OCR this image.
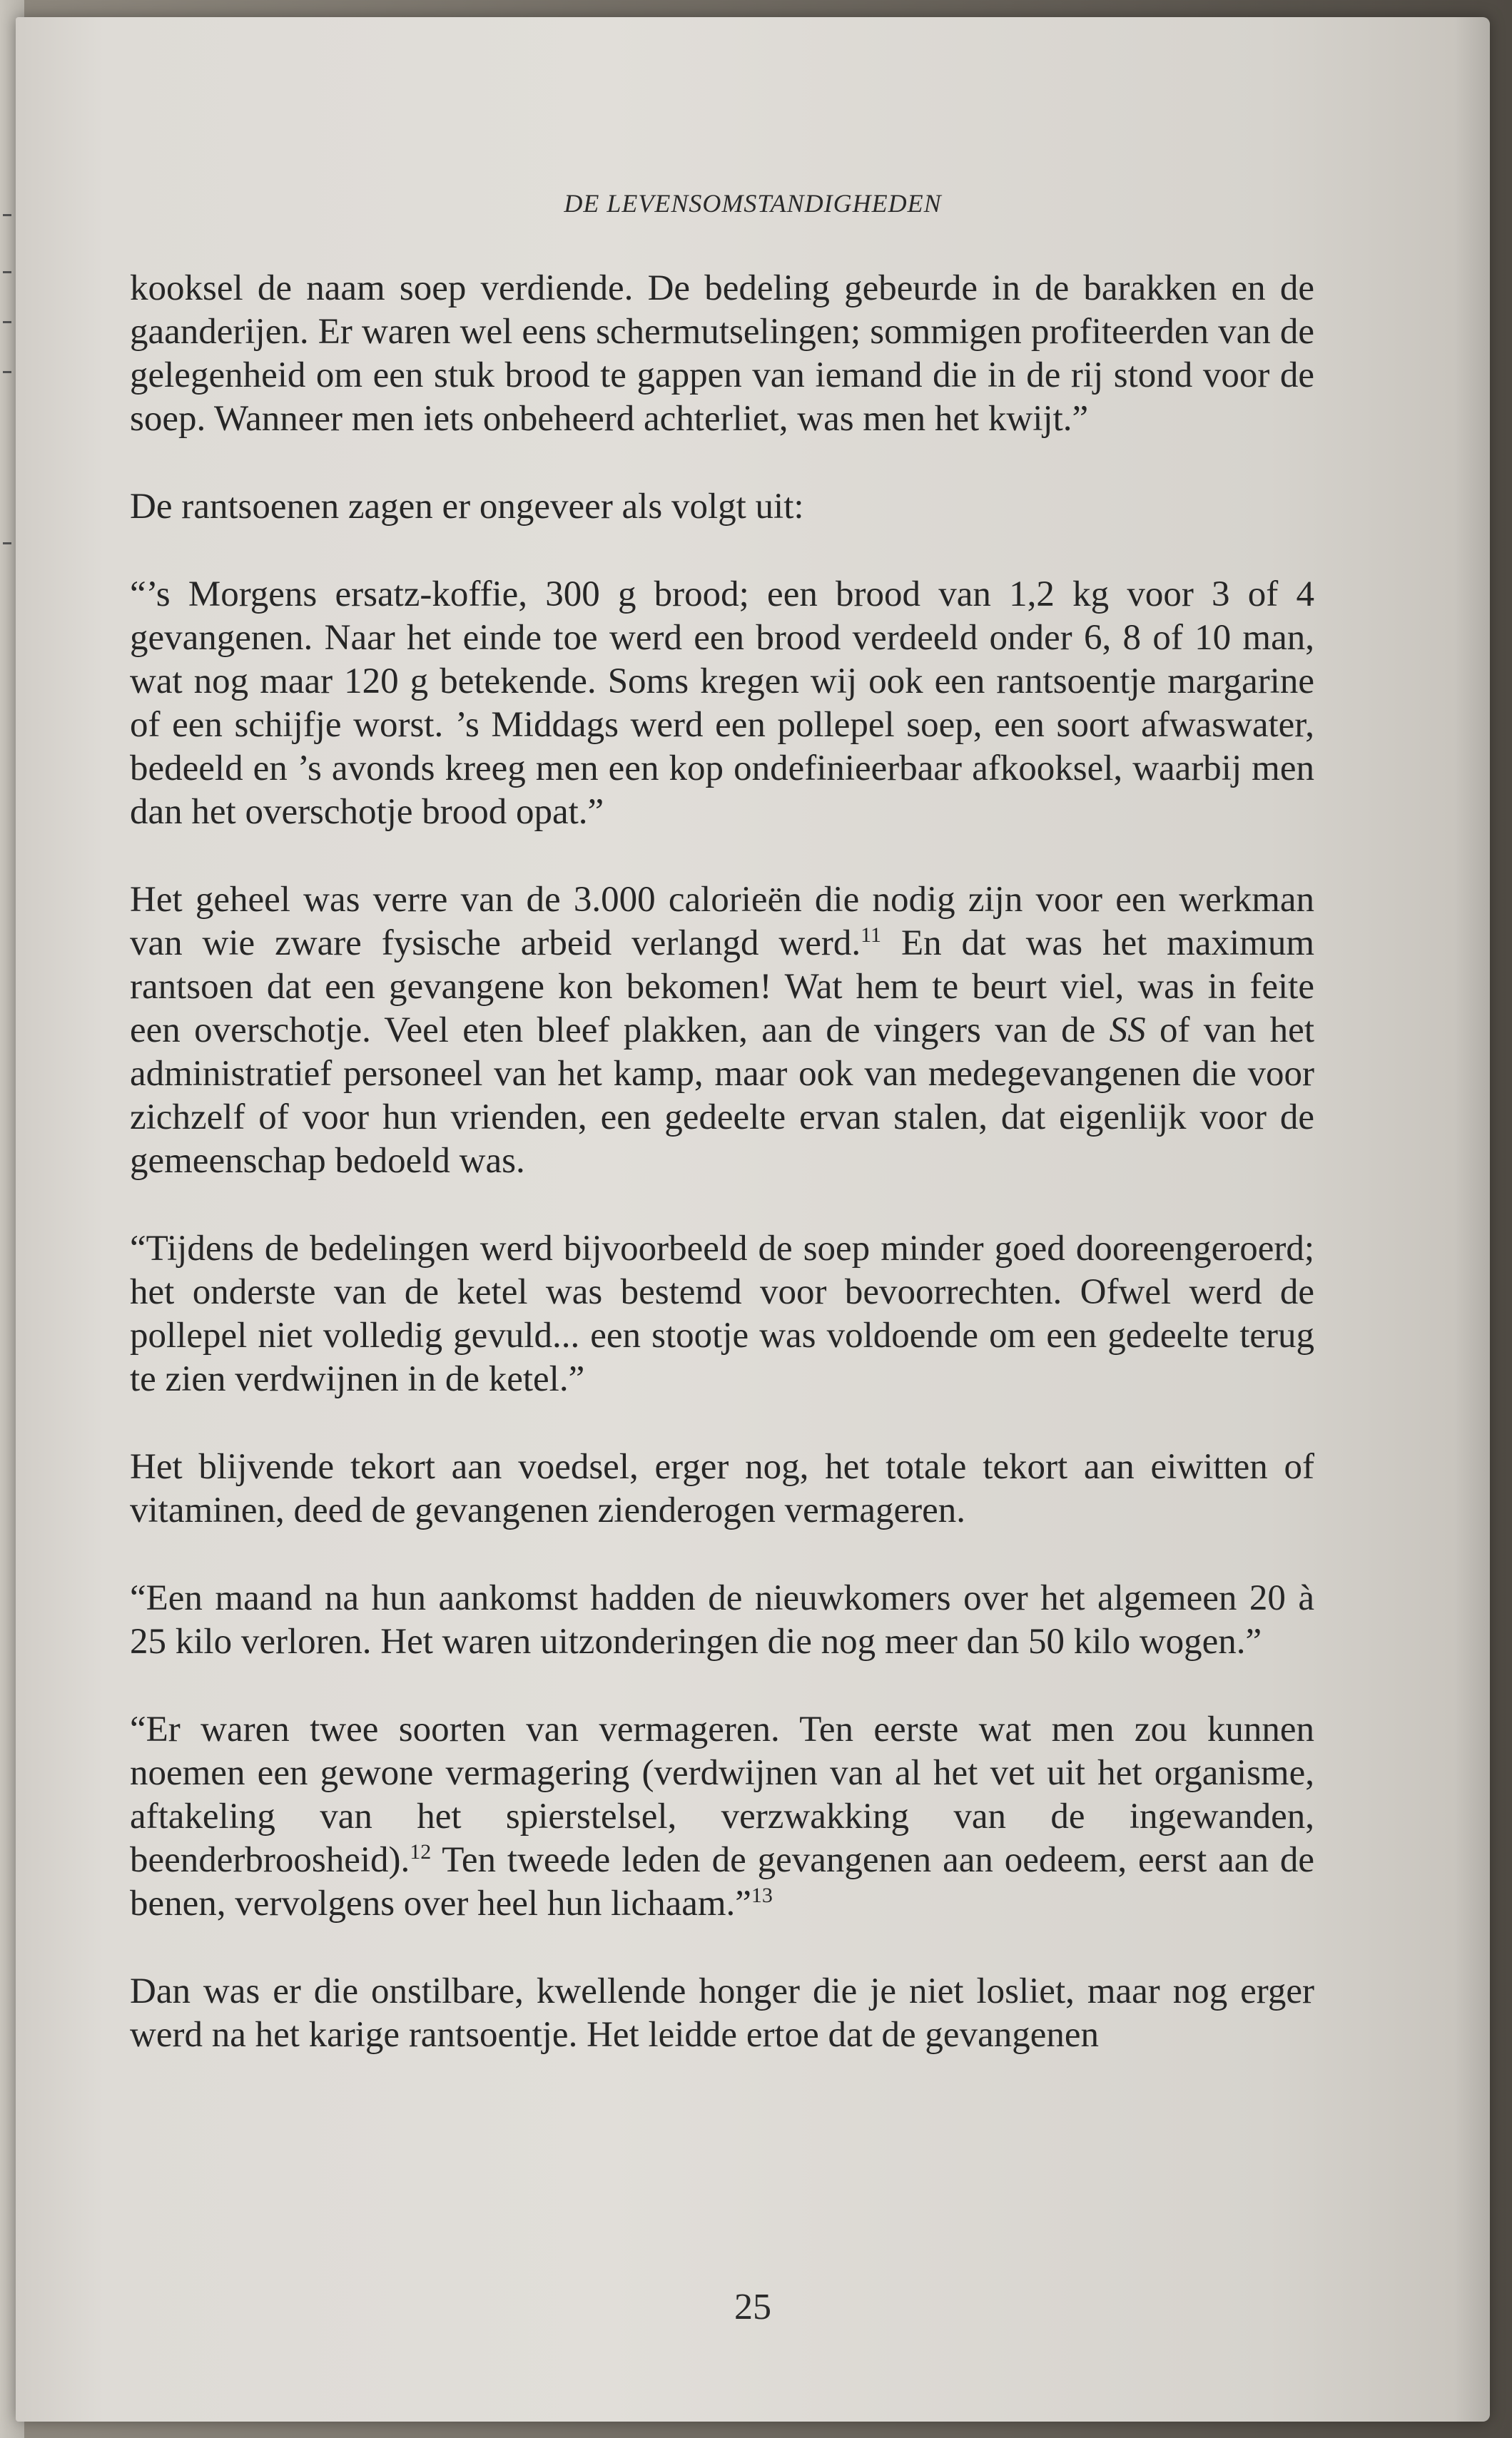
DE LEVENSOMSTANDIGHEDEN

kooksel de naam soep verdiende. De bedeling gebeurde in de barakken en de gaanderijen. Er waren wel eens schermutselingen; sommigen profiteerden van de gelegenheid om een stuk brood te gappen van iemand die in de rij stond voor de soep. Wanneer men iets onbeheerd achterliet, was men het kwijt.”

De rantsoenen zagen er ongeveer als volgt uit:

“’s Morgens ersatz-koffie, 300 g brood; een brood van 1,2 kg voor 3 of 4 gevangenen. Naar het einde toe werd een brood verdeeld onder 6, 8 of 10 man, wat nog maar 120 g betekende. Soms kregen wij ook een rantsoentje margarine of een schijfje worst. ’s Middags werd een pollepel soep, een soort afwaswater, bedeeld en ’s avonds kreeg men een kop ondefinieerbaar afkooksel, waarbij men dan het overschotje brood opat.”

Het geheel was verre van de 3.000 calorieën die nodig zijn voor een werkman van wie zware fysische arbeid verlangd werd.$^{11}$ En dat was het maximum rantsoen dat een gevangene kon bekomen! Wat hem te beurt viel, was in feite een overschotje. Veel eten bleef plakken, aan de vingers van de SS of van het administratief personeel van het kamp, maar ook van medegevangenen die voor zichzelf of voor hun vrienden, een gedeelte ervan stalen, dat eigenlijk voor de gemeenschap bedoeld was.

“Tijdens de bedelingen werd bijvoorbeeld de soep minder goed dooreengeroerd; het onderste van de ketel was bestemd voor bevoorrechten. Ofwel werd de pollepel niet volledig gevuld... een stootje was voldoende om een gedeelte terug te zien verdwijnen in de ketel.”

Het blijvende tekort aan voedsel, erger nog, het totale tekort aan eiwitten of vitaminen, deed de gevangenen zienderogen vermageren.

“Een maand na hun aankomst hadden de nieuwkomers over het algemeen 20 à 25 kilo verloren. Het waren uitzonderingen die nog meer dan 50 kilo wogen.”

“Er waren twee soorten van vermageren. Ten eerste wat men zou kunnen noemen een gewone vermagering (verdwijnen van al het vet uit het organisme, aftakeling van het spierstelsel, verzwakking van de ingewanden, beenderbroosheid).$^{12}$ Ten tweede leden de gevangenen aan oedeem, eerst aan de benen, vervolgens over heel hun lichaam.”$^{13}$

Dan was er die onstilbare, kwellende honger die je niet losliet, maar nog erger werd na het karige rantsoentje. Het leidde ertoe dat de gevangenen

25
